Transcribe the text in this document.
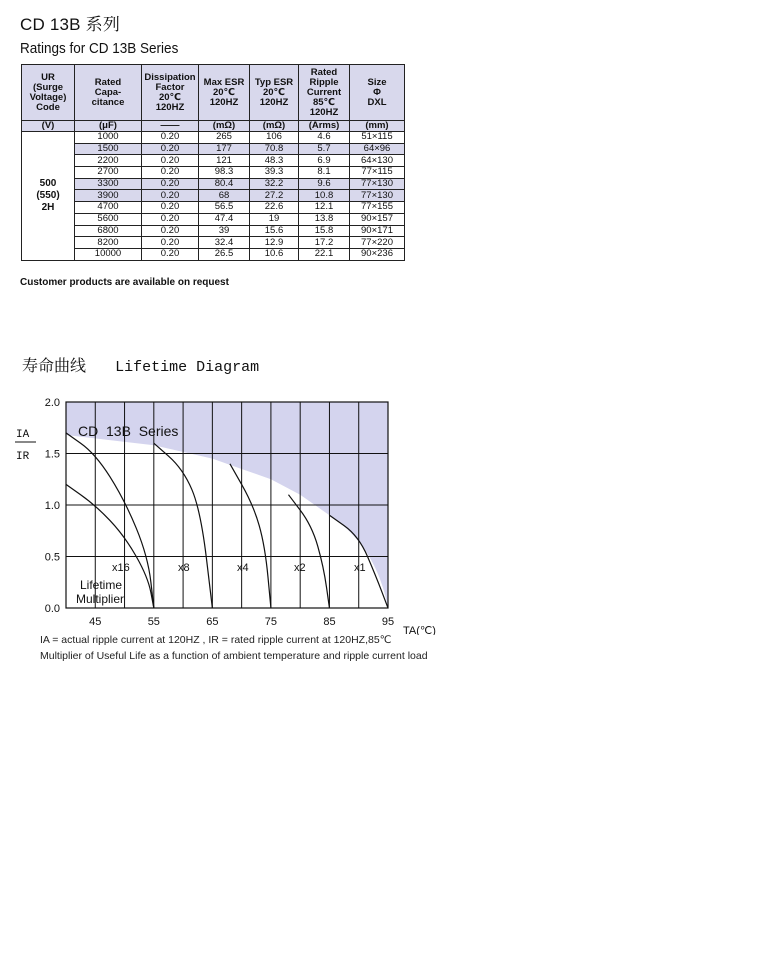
CD 13B 系列
Ratings for CD 13B Series
UR
(Surge
Voltage)
Code	Rated
Capa-
citance	Dissipation
Factor
20℃
120HZ	Max ESR
20℃
120HZ	Typ ESR
20℃
120HZ	Rated
Ripple
Current
85℃
120HZ	Size
Φ
DXL
(V)	(μF)	——	(mΩ)	(mΩ)	(Arms)	(mm)
500
(550)
2H	1000	0.20	265	106	4.6	51×115
	1500	0.20	177	70.8	5.7	64×96
	2200	0.20	121	48.3	6.9	64×130
	2700	0.20	98.3	39.3	8.1	77×115
	3300	0.20	80.4	32.2	9.6	77×130
	3900	0.20	68	27.2	10.8	77×130
	4700	0.20	56.5	22.6	12.1	77×155
	5600	0.20	47.4	19	13.8	90×157
	6800	0.20	39	15.6	15.8	90×171
	8200	0.20	32.4	12.9	17.2	77×220
	10000	0.20	26.5	10.6	22.1	90×236
Customer products are available on request
寿命曲线 Lifetime Diagram
CD  13B  Series
x16	x8	x4	x2	x1
Lifetime
Multiplier
2.0
1.5
1.0
0.5
0.0
45	55	65	75	85	95
IA
IR
TA(℃)
IA = actual ripple current at 120HZ , IR = rated ripple current at 120HZ,85℃
Multiplier of Useful Life as a function of ambient temperature and ripple current load
